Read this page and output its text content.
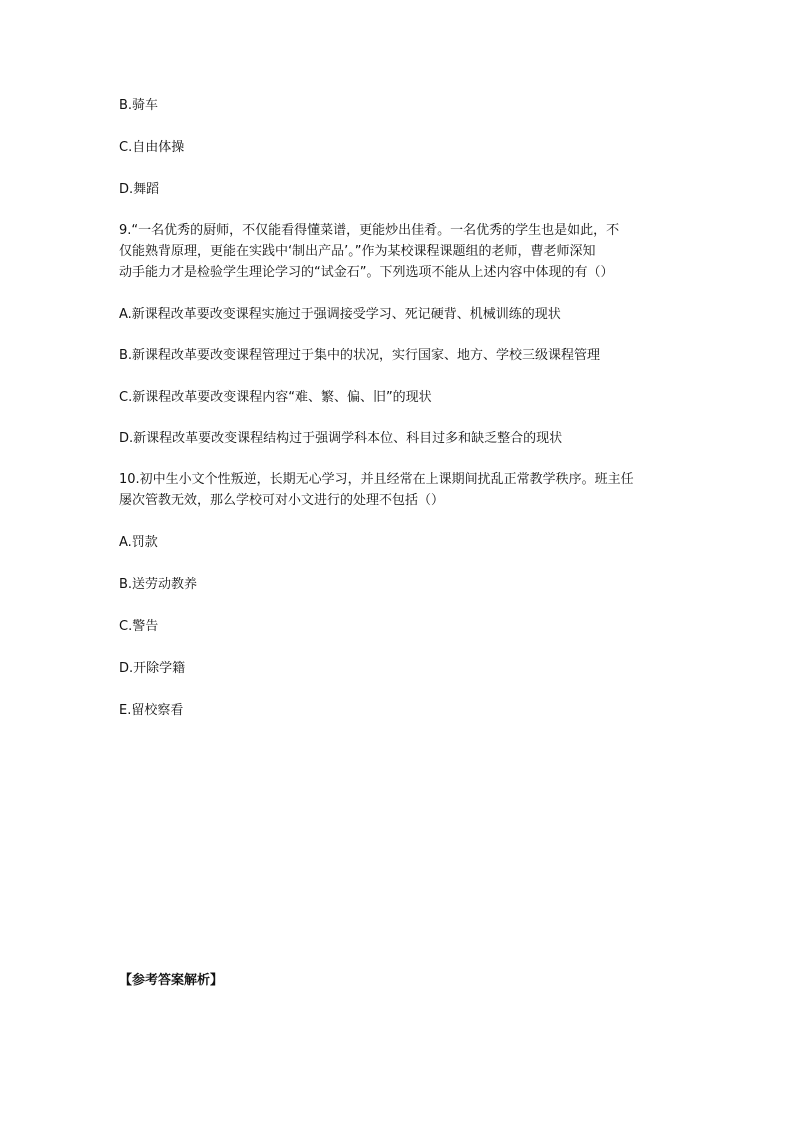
B.骑车

C.自由体操

D.舞蹈

9.“一名优秀的厨师，不仅能看得懂菜谱，更能炒出佳肴。一名优秀的学生也是如此，不

仅能熟背原理，更能在实践中‘制出产品’。”作为某校课程课题组的老师，曹老师深知

动手能力才是检验学生理论学习的“试金石”。下列选项不能从上述内容中体现的有（）

A.新课程改革要改变课程实施过于强调接受学习、死记硬背、机械训练的现状

B.新课程改革要改变课程管理过于集中的状况，实行国家、地方、学校三级课程管理

C.新课程改革要改变课程内容“难、繁、偏、旧”的现状

D.新课程改革要改变课程结构过于强调学科本位、科目过多和缺乏整合的现状

10.初中生小文个性叛逆，长期无心学习，并且经常在上课期间扰乱正常教学秩序。班主任

屡次管教无效，那么学校可对小文进行的处理不包括（）

A.罚款

B.送劳动教养

C.警告

D.开除学籍

E.留校察看

【参考答案解析】
